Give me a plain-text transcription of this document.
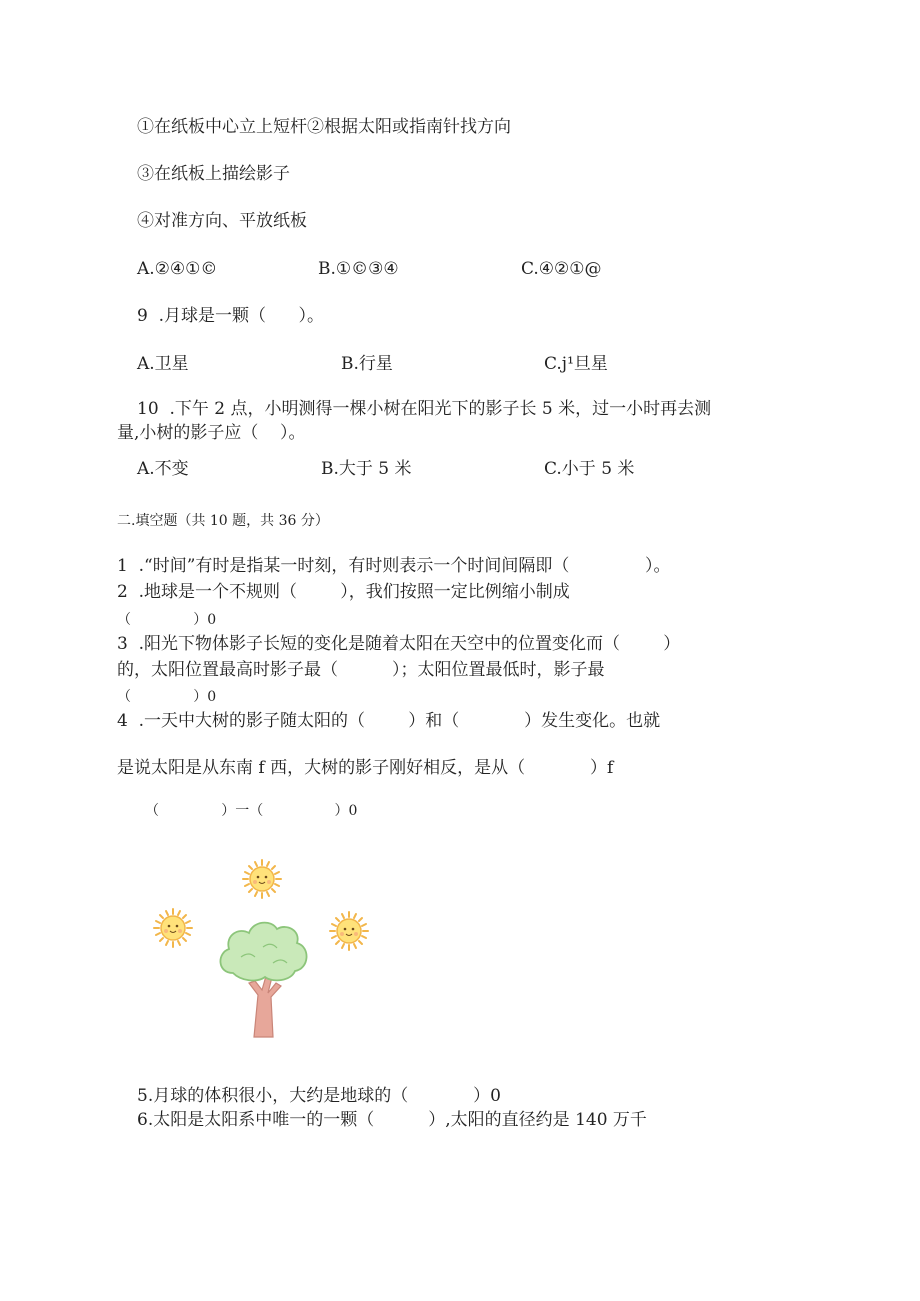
①在纸板中心立上短杆②根据太阳或指南针找方向
③在纸板上描绘影子
④对准方向、平放纸板
A.②④①©	B.①©③④	C.④②①@
9  .月球是一颗（      ）。
A.卫星	B.行星	C.j¹旦星
10  .下午 2 点，小明测得一棵小树在阳光下的影子长 5 米，过一小时再去测
量,小树的影子应（    ）。
A.不变	B.大于 5 米	C.小于 5 米
二.填空题（共 10 题，共 36 分）
1  .“时间”有时是指某一时刻，有时则表示一个时间间隔即（              ）。
2  .地球是一个不规则（        ），我们按照一定比例缩小制成
（              ）0
3  .阳光下物体影子长短的变化是随着太阳在天空中的位置变化而（        ）
的，太阳位置最高时影子最（          ）；太阳位置最低时，影子最
（              ）0
4  .一天中大树的影子随太阳的（        ）和（            ）发生变化。也就
是说太阳是从东南 f 西，大树的影子刚好相反，是从（            ）f
（              ）一（                ）0
5.月球的体积很小，大约是地球的（            ）0
6.太阳是太阳系中唯一的一颗（          ）,太阳的直径约是 140 万千
